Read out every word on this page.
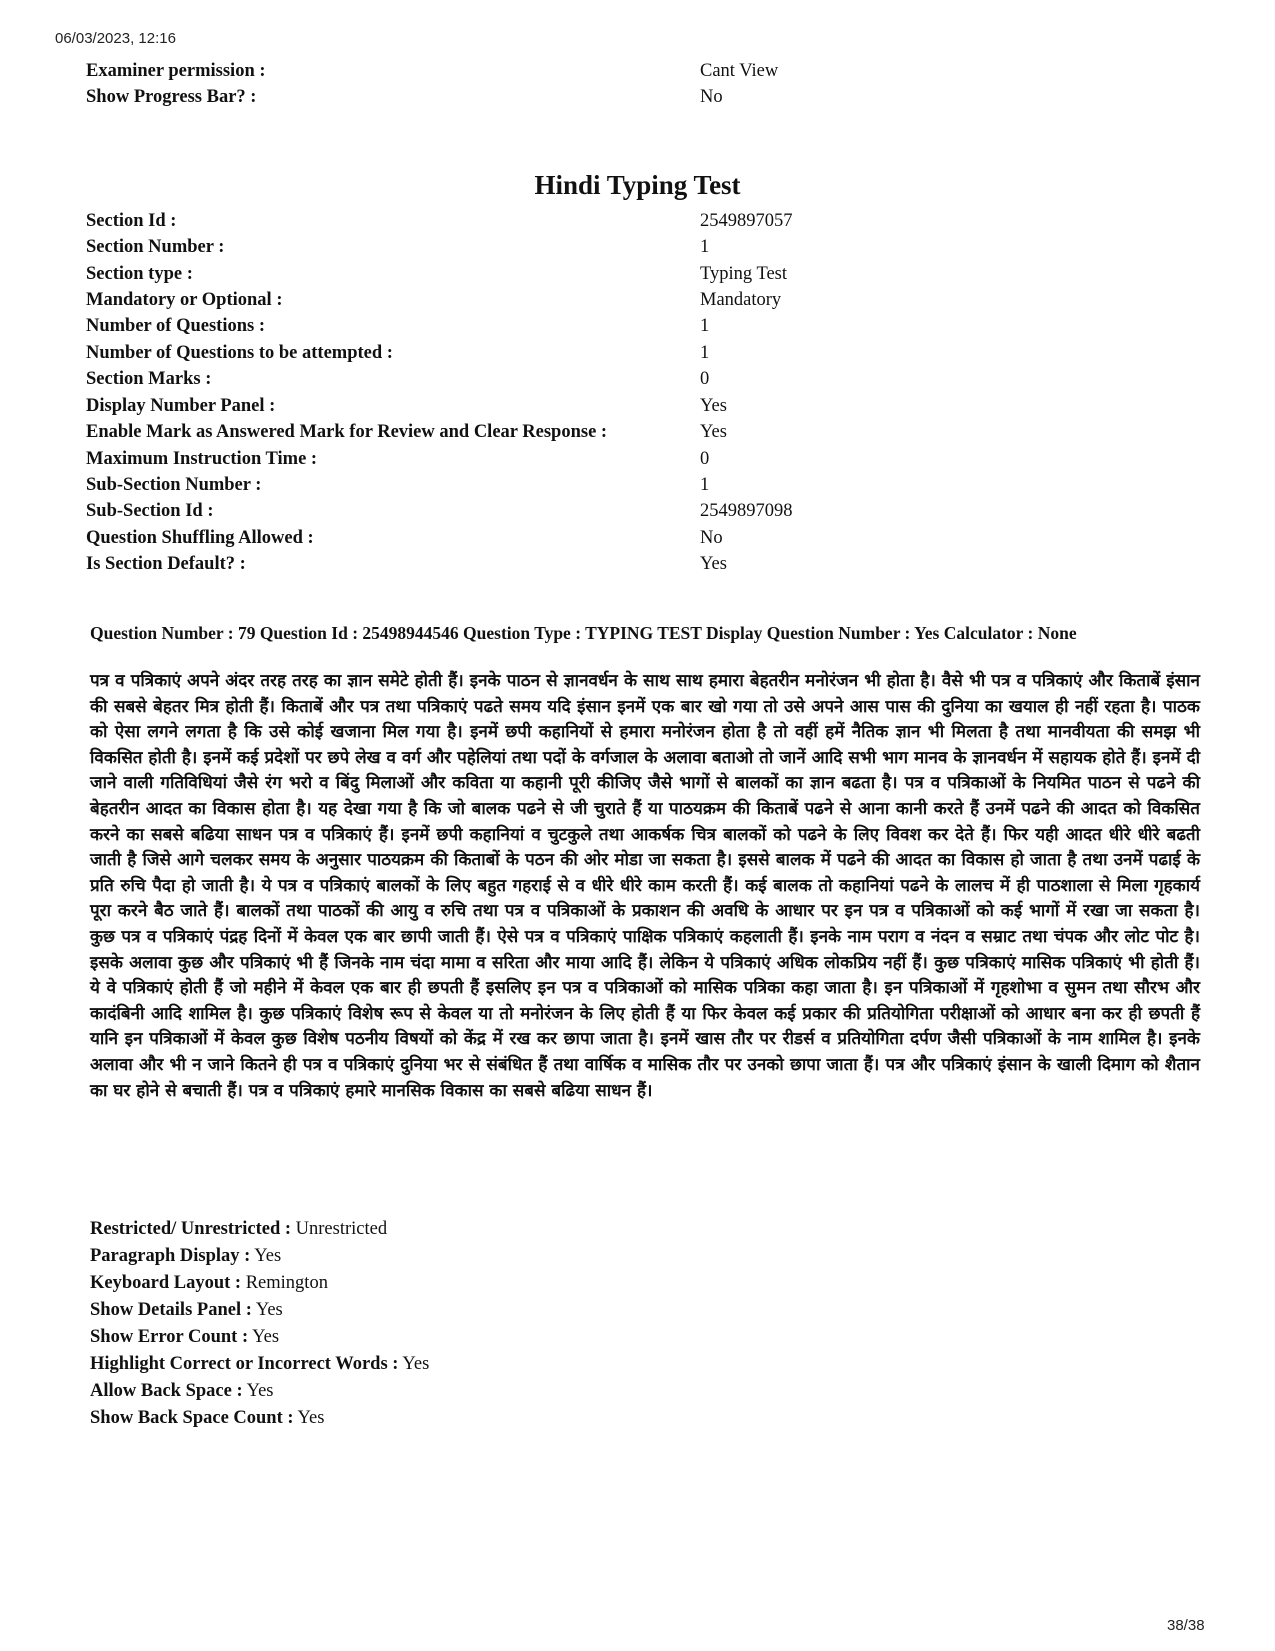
06/03/2023, 12:16
Examiner permission :	Cant View
Show Progress Bar? :	No
Hindi Typing Test
Section Id :	2549897057
Section Number :	1
Section type :	Typing Test
Mandatory or Optional :	Mandatory
Number of Questions :	1
Number of Questions to be attempted :	1
Section Marks :	0
Display Number Panel :	Yes
Enable Mark as Answered Mark for Review and Clear Response :	Yes
Maximum Instruction Time :	0
Sub-Section Number :	1
Sub-Section Id :	2549897098
Question Shuffling Allowed :	No
Is Section Default? :	Yes
Question Number : 79 Question Id : 25498944546 Question Type : TYPING TEST Display Question Number : Yes Calculator : None
पत्र व पत्रिकाएं अपने अंदर तरह तरह का ज्ञान समेटे होती हैं। इनके पाठन से ज्ञानवर्धन के साथ साथ हमारा बेहतरीन मनोरंजन भी होता है। वैसे भी पत्र व पत्रिकाएं और किताबें इंसान की सबसे बेहतर मित्र होती हैं। किताबें और पत्र तथा पत्रिकाएं पढते समय यदि इंसान इनमें एक बार खो गया तो उसे अपने आस पास की दुनिया का खयाल ही नहीं रहता है। पाठक को ऐसा लगने लगता है कि उसे कोई खजाना मिल गया है। इनमें छपी कहानियों से हमारा मनोरंजन होता है तो वहीं हमें नैतिक ज्ञान भी मिलता है तथा मानवीयता की समझ भी विकसित होती है। इनमें कई प्रदेशों पर छपे लेख व वर्ग और पहेलियां तथा पदों के वर्गजाल के अलावा बताओ तो जानें आदि सभी भाग मानव के ज्ञानवर्धन में सहायक होते हैं। इनमें दी जाने वाली गतिविधियां जैसे रंग भरो व बिंदु मिलाओं और कविता या कहानी पूरी कीजिए जैसे भागों से बालकों का ज्ञान बढता है। पत्र व पत्रिकाओं के नियमित पाठन से पढने की बेहतरीन आदत का विकास होता है। यह देखा गया है कि जो बालक पढने से जी चुराते हैं या पाठयक्रम की किताबें पढने से आना कानी करते हैं उनमें पढने की आदत को विकसित करने का सबसे बढिया साधन पत्र व पत्रिकाएं हैं। इनमें छपी कहानियां व चुटकुले तथा आकर्षक चित्र बालकों को पढने के लिए विवश कर देते हैं। फिर यही आदत धीरे धीरे बढती जाती है जिसे आगे चलकर समय के अनुसार पाठयक्रम की किताबों के पठन की ओर मोडा जा सकता है। इससे बालक में पढने की आदत का विकास हो जाता है तथा उनमें पढाई के प्रति रुचि पैदा हो जाती है। ये पत्र व पत्रिकाएं बालकों के लिए बहुत गहराई से व धीरे धीरे काम करती हैं। कई बालक तो कहानियां पढने के लालच में ही पाठशाला से मिला गृहकार्य पूरा करने बैठ जाते हैं। बालकों तथा पाठकों की आयु व रुचि तथा पत्र व पत्रिकाओं के प्रकाशन की अवधि के आधार पर इन पत्र व पत्रिकाओं को कई भागों में रखा जा सकता है। कुछ पत्र व पत्रिकाएं पंद्रह दिनों में केवल एक बार छापी जाती हैं। ऐसे पत्र व पत्रिकाएं पाक्षिक पत्रिकाएं कहलाती हैं। इनके नाम पराग व नंदन व सम्राट तथा चंपक और लोट पोट है। इसके अलावा कुछ और पत्रिकाएं भी हैं जिनके नाम चंदा मामा व सरिता और माया आदि हैं। लेकिन ये पत्रिकाएं अधिक लोकप्रिय नहीं हैं। कुछ पत्रिकाएं मासिक पत्रिकाएं भी होती हैं। ये वे पत्रिकाएं होती हैं जो महीने में केवल एक बार ही छपती हैं इसलिए इन पत्र व पत्रिकाओं को मासिक पत्रिका कहा जाता है। इन पत्रिकाओं में गृहशोभा व सुमन तथा सौरभ और कादंबिनी आदि शामिल है। कुछ पत्रिकाएं विशेष रूप से केवल या तो मनोरंजन के लिए होती हैं या फिर केवल कई प्रकार की प्रतियोगिता परीक्षाओं को आधार बना कर ही छपती हैं यानि इन पत्रिकाओं में केवल कुछ विशेष पठनीय विषयों को केंद्र में रख कर छापा जाता है। इनमें खास तौर पर रीडर्स व प्रतियोगिता दर्पण जैसी पत्रिकाओं के नाम शामिल है। इनके अलावा और भी न जाने कितने ही पत्र व पत्रिकाएं दुनिया भर से संबंधित हैं तथा वार्षिक व मासिक तौर पर उनको छापा जाता हैं। पत्र और पत्रिकाएं इंसान के खाली दिमाग को शैतान का घर होने से बचाती हैं। पत्र व पत्रिकाएं हमारे मानसिक विकास का सबसे बढिया साधन हैं।
Restricted/ Unrestricted : Unrestricted
Paragraph Display : Yes
Keyboard Layout : Remington
Show Details Panel : Yes
Show Error Count : Yes
Highlight Correct or Incorrect Words : Yes
Allow Back Space : Yes
Show Back Space Count : Yes
38/38
